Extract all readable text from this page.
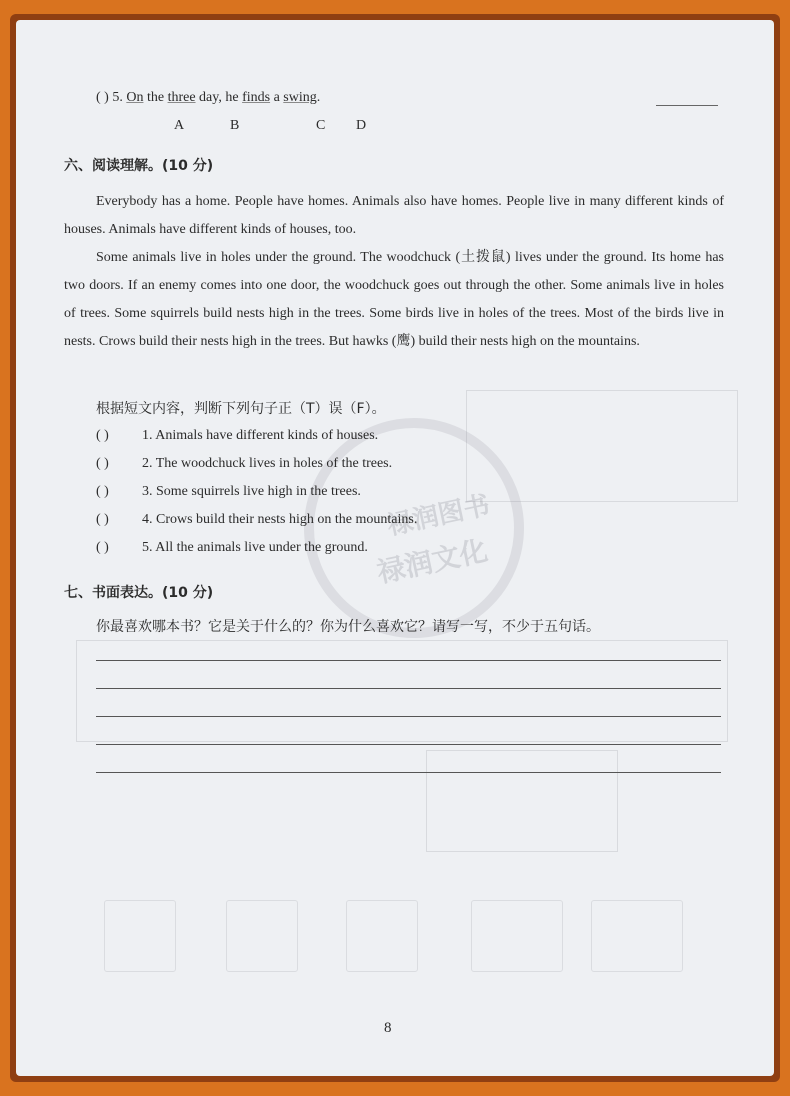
禄润图书
禄润文化
( ) 5. On the three day, he finds a swing.
A	B	C D
六、阅读理解。(10 分)
Everybody has a home. People have homes. Animals also have homes. People live in many different kinds of houses. Animals have different kinds of houses, too.
Some animals live in holes under the ground. The woodchuck (土拨鼠) lives under the ground. Its home has two doors. If an enemy comes into one door, the woodchuck goes out through the other. Some animals live in holes of trees. Some squirrels build nests high in the trees. Some birds live in holes of the trees. Most of the birds live in nests. Crows build their nests high in the trees. But hawks (鹰) build their nests high on the mountains.
根据短文内容，判断下列句子正（T）误（F）。
( ) 1. Animals have different kinds of houses.
( ) 2. The woodchuck lives in holes of the trees.
( ) 3. Some squirrels live high in the trees.
( ) 4. Crows build their nests high on the mountains.
( ) 5. All the animals live under the ground.
七、书面表达。(10 分)
你最喜欢哪本书？它是关于什么的？你为什么喜欢它？请写一写，不少于五句话。
8
